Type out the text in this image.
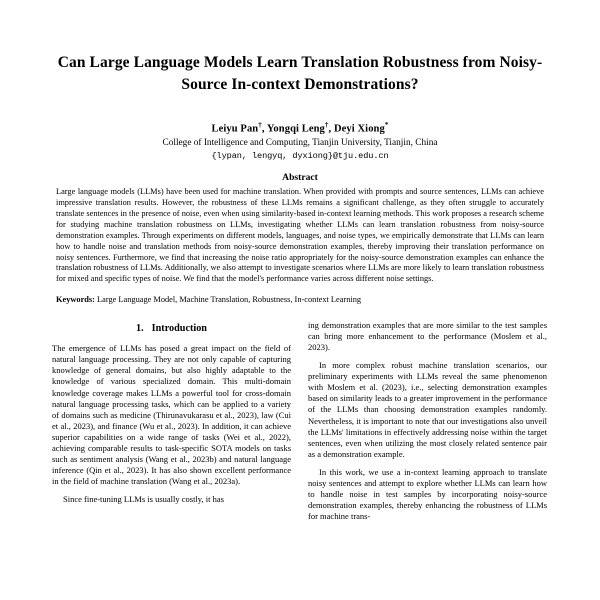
Can Large Language Models Learn Translation Robustness from Noisy-Source In-context Demonstrations?
Leiyu Pan†, Yongqi Leng†, Deyi Xiong*
College of Intelligence and Computing, Tianjin University, Tianjin, China
{lypan, lengyq, dyxiong}@tju.edu.cn
Abstract
Large language models (LLMs) have been used for machine translation. When provided with prompts and source sentences, LLMs can achieve impressive translation results. However, the robustness of these LLMs remains a significant challenge, as they often struggle to accurately translate sentences in the presence of noise, even when using similarity-based in-context learning methods. This work proposes a research scheme for studying machine translation robustness on LLMs, investigating whether LLMs can learn translation robustness from noisy-source demonstration examples. Through experiments on different models, languages, and noise types, we empirically demonstrate that LLMs can learn how to handle noise and translation methods from noisy-source demonstration examples, thereby improving their translation performance on noisy sentences. Furthermore, we find that increasing the noise ratio appropriately for the noisy-source demonstration examples can enhance the translation robustness of LLMs. Additionally, we also attempt to investigate scenarios where LLMs are more likely to learn translation robustness for mixed and specific types of noise. We find that the model's performance varies across different noise settings.
Keywords: Large Language Model, Machine Translation, Robustness, In-context Learning
1. Introduction

The emergence of LLMs has posed a great impact on the field of natural language processing. They are not only capable of capturing knowledge of general domains, but also highly adaptable to the knowledge of various specialized domain. This multi-domain knowledge coverage makes LLMs a powerful tool for cross-domain natural language processing tasks, which can be applied to a variety of domains such as medicine (Thirunavukarasu et al., 2023), law (Cui et al., 2023), and finance (Wu et al., 2023). In addition, it can achieve superior capabilities on a wide range of tasks (Wei et al., 2022), achieving comparable results to task-specific SOTA models on tasks such as sentiment analysis (Wang et al., 2023b) and natural language inference (Qin et al., 2023). It has also shown excellent performance in the field of machine translation (Wang et al., 2023a).

Since fine-tuning LLMs is usually costly, it has

ing demonstration examples that are more similar to the test samples can bring more enhancement to the performance (Moslem et al., 2023).

In more complex robust machine translation scenarios, our preliminary experiments with LLMs reveal the same phenomenon with Moslem et al. (2023), i.e., selecting demonstration examples based on similarity leads to a greater improvement in the performance of the LLMs than choosing demonstration examples randomly. Nevertheless, it is important to note that our investigations also unveil the LLMs' limitations in effectively addressing noise within the target sentences, even when utilizing the most closely related sentence pair as a demonstration example.

In this work, we use a in-context learning approach to translate noisy sentences and attempt to explore whether LLMs can learn how to handle noise in test samples by incorporating noisy-source demonstration examples, thereby enhancing the robustness of LLMs for machine trans-
